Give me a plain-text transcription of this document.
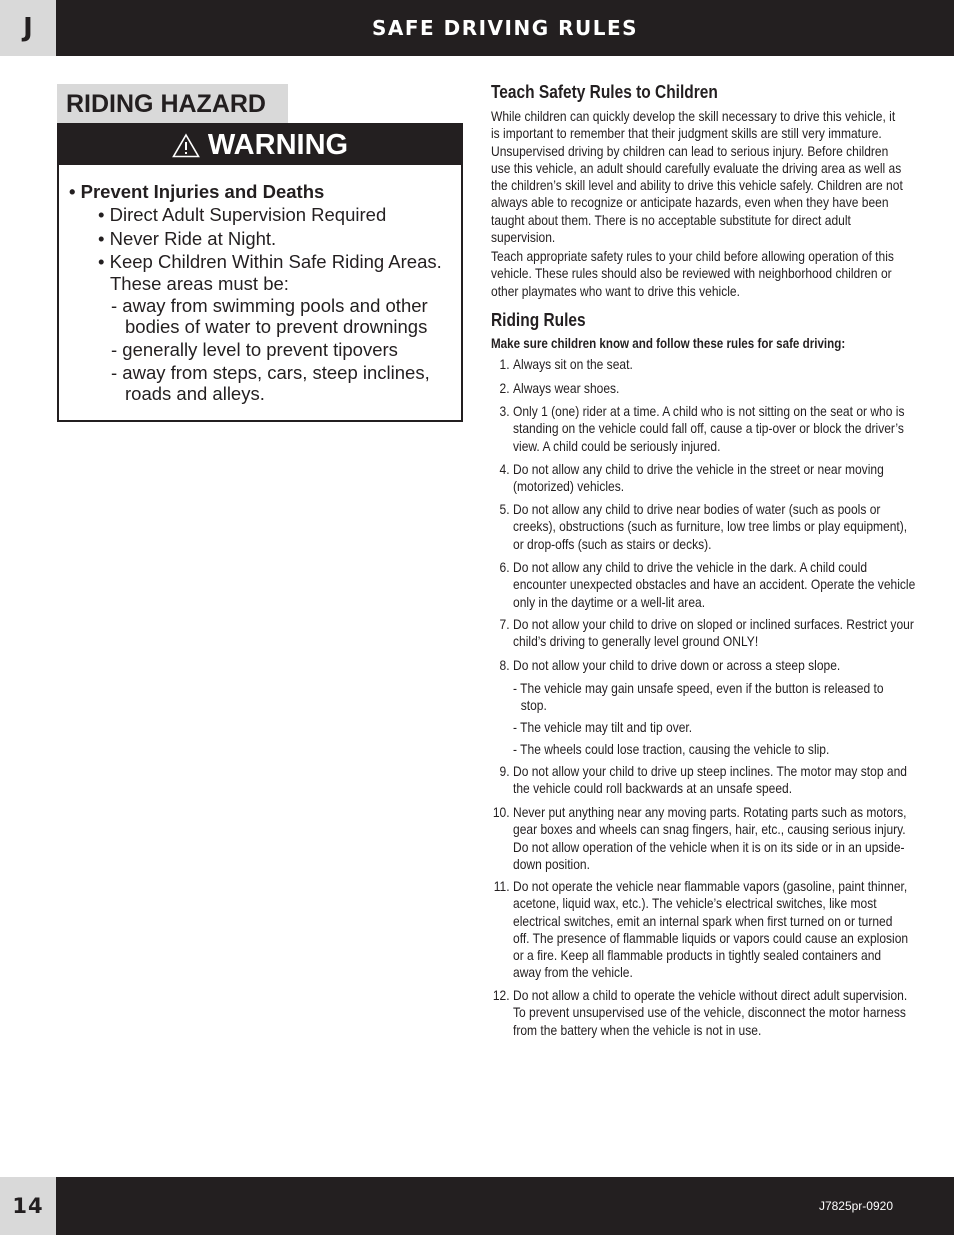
J	SAFE DRIVING RULES
RIDING HAZARD
WARNING
• Prevent Injuries and Deaths
• Direct Adult Supervision Required
• Never Ride at Night.
• Keep Children Within Safe Riding Areas.
These areas must be:
- away from swimming pools and other
bodies of water to prevent drownings
- generally level to prevent tipovers
- away from steps, cars, steep inclines,
roads and alleys.
Teach Safety Rules to Children

While children can quickly develop the skill necessary to drive this vehicle, it is important to remember that their judgment skills are still very immature. Unsupervised driving by children can lead to serious injury. Before children use this vehicle, an adult should carefully evaluate the driving area as well as the children’s skill level and ability to drive this vehicle safely. Children are not always able to recognize or anticipate hazards, even when they have been taught about them. There is no acceptable substitute for direct adult supervision.

Teach appropriate safety rules to your child before allowing operation of this vehicle. These rules should also be reviewed with neighborhood children or other playmates who want to drive this vehicle.

Riding Rules
Make sure children know and follow these rules for safe driving:
1. Always sit on the seat.
2. Always wear shoes.
3. Only 1 (one) rider at a time. A child who is not sitting on the seat or who is standing on the vehicle could fall off, cause a tip-over or block the driver’s view. A child could be seriously injured.
4. Do not allow any child to drive the vehicle in the street or near moving (motorized) vehicles.
5. Do not allow any child to drive near bodies of water (such as pools or creeks), obstructions (such as furniture, low tree limbs or play equipment), or drop-offs (such as stairs or decks).
6. Do not allow any child to drive the vehicle in the dark. A child could encounter unexpected obstacles and have an accident. Operate the vehicle only in the daytime or a well-lit area.
7. Do not allow your child to drive on sloped or inclined surfaces. Restrict your child’s driving to generally level ground ONLY!
8. Do not allow your child to drive down or across a steep slope.
- The vehicle may gain unsafe speed, even if the button is released to stop.
- The vehicle may tilt and tip over.
- The wheels could lose traction, causing the vehicle to slip.
9. Do not allow your child to drive up steep inclines. The motor may stop and the vehicle could roll backwards at an unsafe speed.
10. Never put anything near any moving parts. Rotating parts such as motors, gear boxes and wheels can snag fingers, hair, etc., causing serious injury. Do not allow operation of the vehicle when it is on its side or in an upside-down position.
11. Do not operate the vehicle near flammable vapors (gasoline, paint thinner, acetone, liquid wax, etc.). The vehicle’s electrical switches, like most electrical switches, emit an internal spark when first turned on or turned off. The presence of flammable liquids or vapors could cause an explosion or a fire. Keep all flammable products in tightly sealed containers and away from the vehicle.
12. Do not allow a child to operate the vehicle without direct adult supervision. To prevent unsupervised use of the vehicle, disconnect the motor harness from the battery when the vehicle is not in use.
14	J7825pr-0920
